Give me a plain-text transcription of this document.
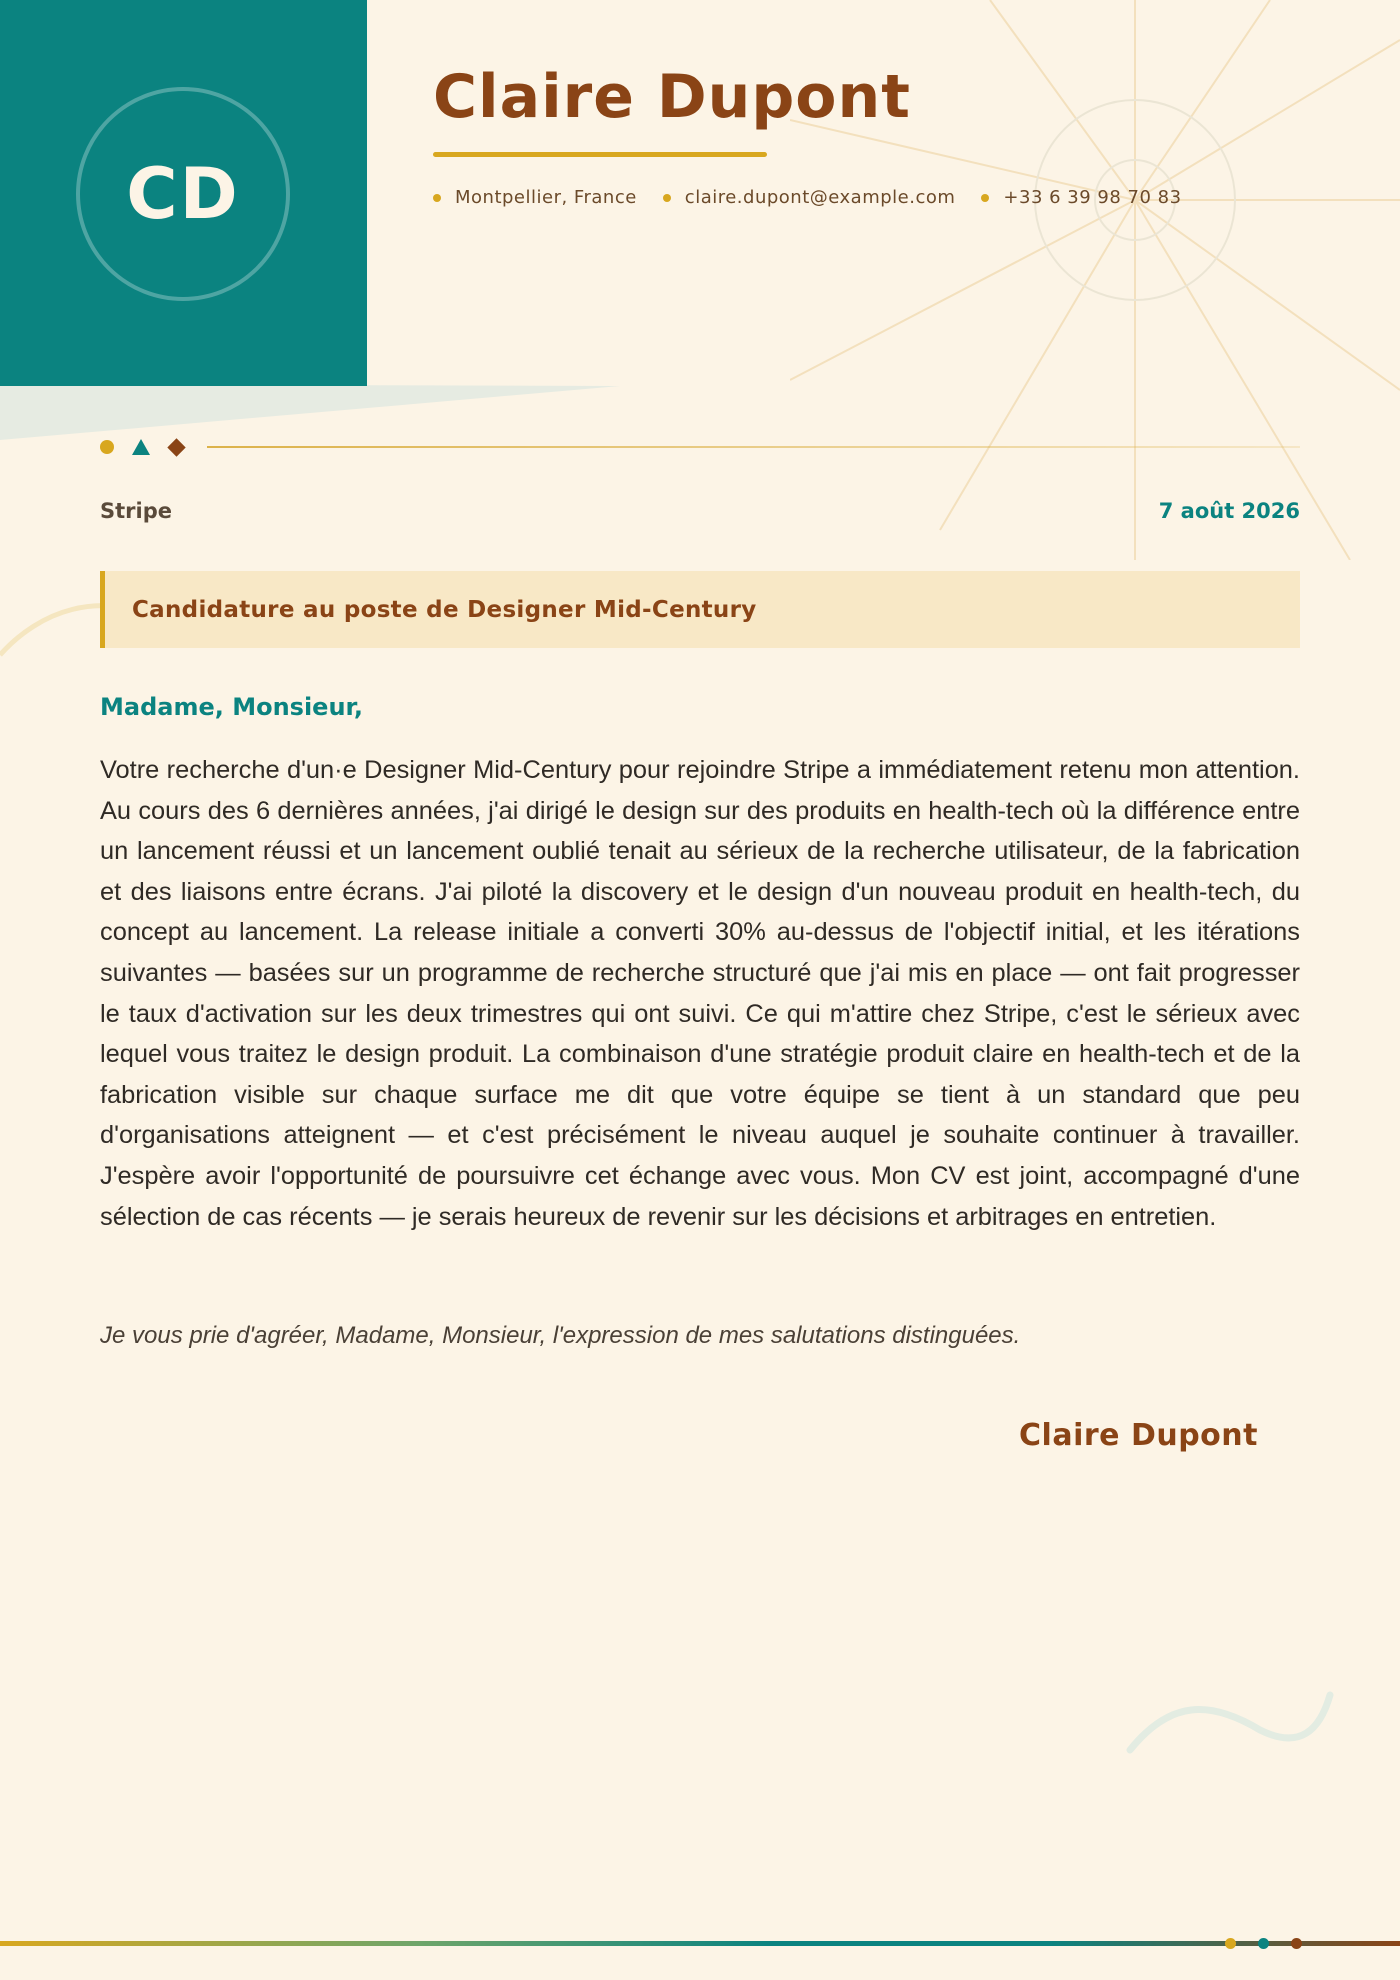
CD
Claire Dupont
Montpellier, France	claire.dupont@example.com	+33 6 39 98 70 83
Stripe	7 août 2026
Candidature au poste de Designer Mid-Century
Madame, Monsieur,

Votre recherche d'un·e Designer Mid-Century pour rejoindre Stripe a immédiatement retenu mon attention. Au cours des 6 dernières années, j'ai dirigé le design sur des produits en health-tech où la différence entre un lancement réussi et un lancement oublié tenait au sérieux de la recherche utilisateur, de la fabrication et des liaisons entre écrans. J'ai piloté la discovery et le design d'un nouveau produit en health-tech, du concept au lancement. La release initiale a converti 30% au-dessus de l'objectif initial, et les itérations suivantes — basées sur un programme de recherche structuré que j'ai mis en place — ont fait progresser le taux d'activation sur les deux trimestres qui ont suivi. Ce qui m'attire chez Stripe, c'est le sérieux avec lequel vous traitez le design produit. La combinaison d'une stratégie produit claire en health-tech et de la fabrication visible sur chaque surface me dit que votre équipe se tient à un standard que peu d'organisations atteignent — et c'est précisément le niveau auquel je souhaite continuer à travailler. J'espère avoir l'opportunité de poursuivre cet échange avec vous. Mon CV est joint, accompagné d'une sélection de cas récents — je serais heureux de revenir sur les décisions et arbitrages en entretien.

Je vous prie d'agréer, Madame, Monsieur, l'expression de mes salutations distinguées.
Claire Dupont
